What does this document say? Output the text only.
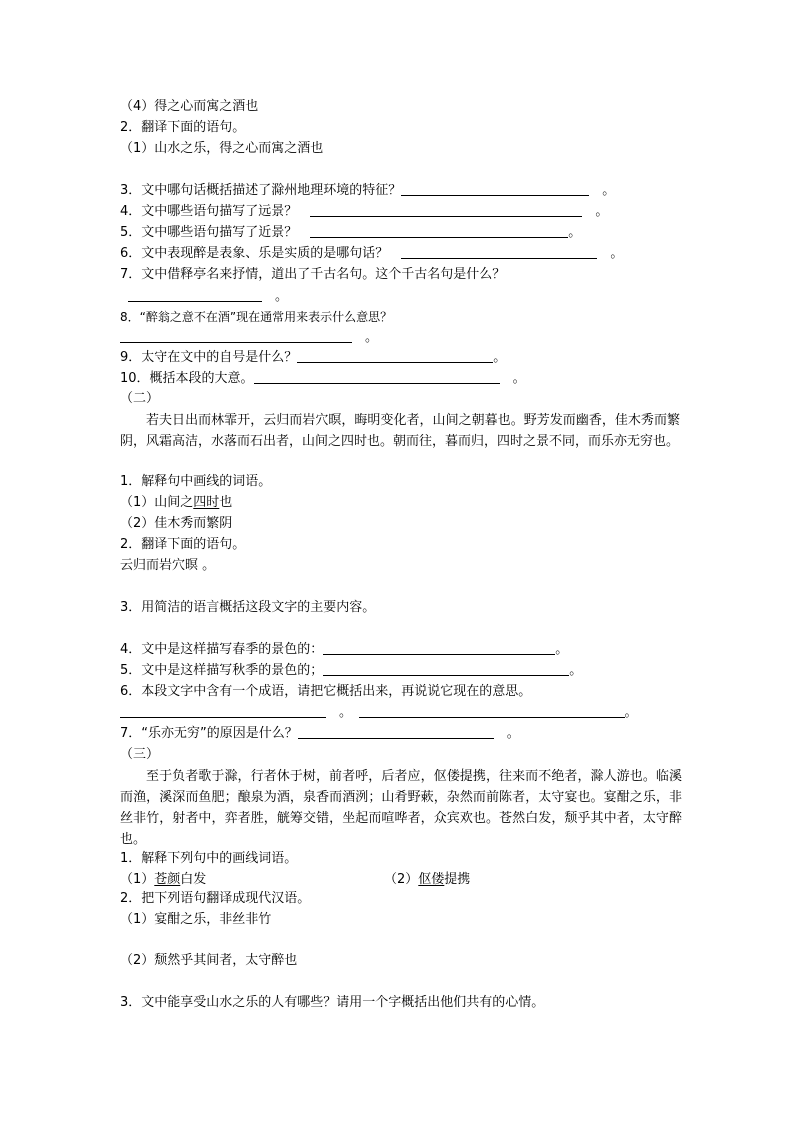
（4）得之心而寓之酒也
2．翻译下面的语句。
（1）山水之乐，得之心而寓之酒也
3．文中哪句话概括描述了滁州地理环境的特征？　	。
4．文中哪些语句描写了远景？　　	。
5．文中哪些语句描写了近景？　	。
6．文中表现醉是表象、乐是实质的是哪句话？　　	。
7．文中借释亭名来抒情，道出了千古名句。这个千古名句是什么？
　。
8．“醉翁之意不在酒”现在通常用来表示什么意思？
　。
9．太守在文中的自号是什么？	。
10．概括本段的大意。　	。
（二）
若夫日出而林霏开，云归而岩穴暝，晦明变化者，山间之朝暮也。野芳发而幽香，佳木秀而繁阴，风霜高洁，水落而石出者，山间之四时也。朝而往，暮而归，四时之景不同，而乐亦无穷也。
1．解释句中画线的词语。
（1）山间之四时也
（2）佳木秀而繁阴
2．翻译下面的语句。
云归而岩穴暝 。
3．用简洁的语言概括这段文字的主要内容。
4．文中是这样描写春季的景色的：	。
5．文中是这样描写秋季的景色的；	。
6．本段文字中含有一个成语，请把它概括出来，再说说它现在的意思。
　。　	。
7．“乐亦无穷”的原因是什么？　	。
（三）
至于负者歌于滁，行者休于树，前者呼，后者应，伛偻提携，往来而不绝者，滁人游也。临溪而渔，溪深而鱼肥；酿泉为酒，泉香而酒洌；山肴野蔌，杂然而前陈者，太守宴也。宴酣之乐，非丝非竹，射者中，弈者胜，觥筹交错，坐起而喧哗者，众宾欢也。苍然白发，颓乎其中者，太守醉也。
1．解释下列句中的画线词语。
（1）苍颜白发	（2）伛偻提携
2．把下列语句翻译成现代汉语。
（1）宴酣之乐，非丝非竹
（2）颓然乎其间者，太守醉也
3．文中能享受山水之乐的人有哪些？请用一个字概括出他们共有的心情。
